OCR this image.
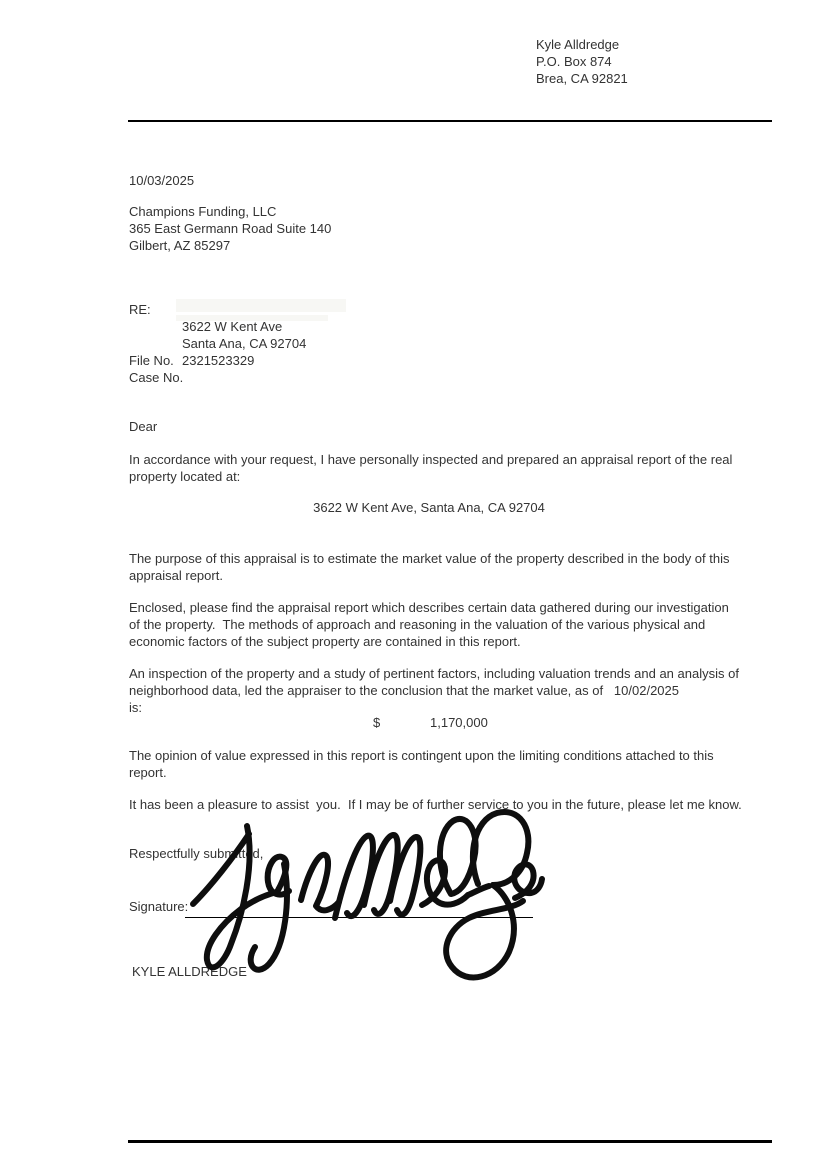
Kyle Alldredge
P.O. Box 874
Brea, CA 92821
10/03/2025
Champions Funding, LLC
365 East Germann Road Suite 140
Gilbert, AZ 85297
RE:
3622 W Kent Ave
Santa Ana, CA 92704
File No. 2321523329
Case No.
Dear
In accordance with your request, I have personally inspected and prepared an appraisal report of the real
property located at:
3622 W Kent Ave, Santa Ana, CA 92704
The purpose of this appraisal is to estimate the market value of the property described in the body of this
appraisal report.
Enclosed, please find the appraisal report which describes certain data gathered during our investigation
of the property.  The methods of approach and reasoning in the valuation of the various physical and
economic factors of the subject property are contained in this report.
An inspection of the property and a study of pertinent factors, including valuation trends and an analysis of
neighborhood data, led the appraiser to the conclusion that the market value, as of   10/02/2025
is:
$	1,170,000
The opinion of value expressed in this report is contingent upon the limiting conditions attached to this
report.
It has been a pleasure to assist  you.  If I may be of further service to you in the future, please let me know.
Respectfully submitted,
Signature:
KYLE ALLDREDGE
